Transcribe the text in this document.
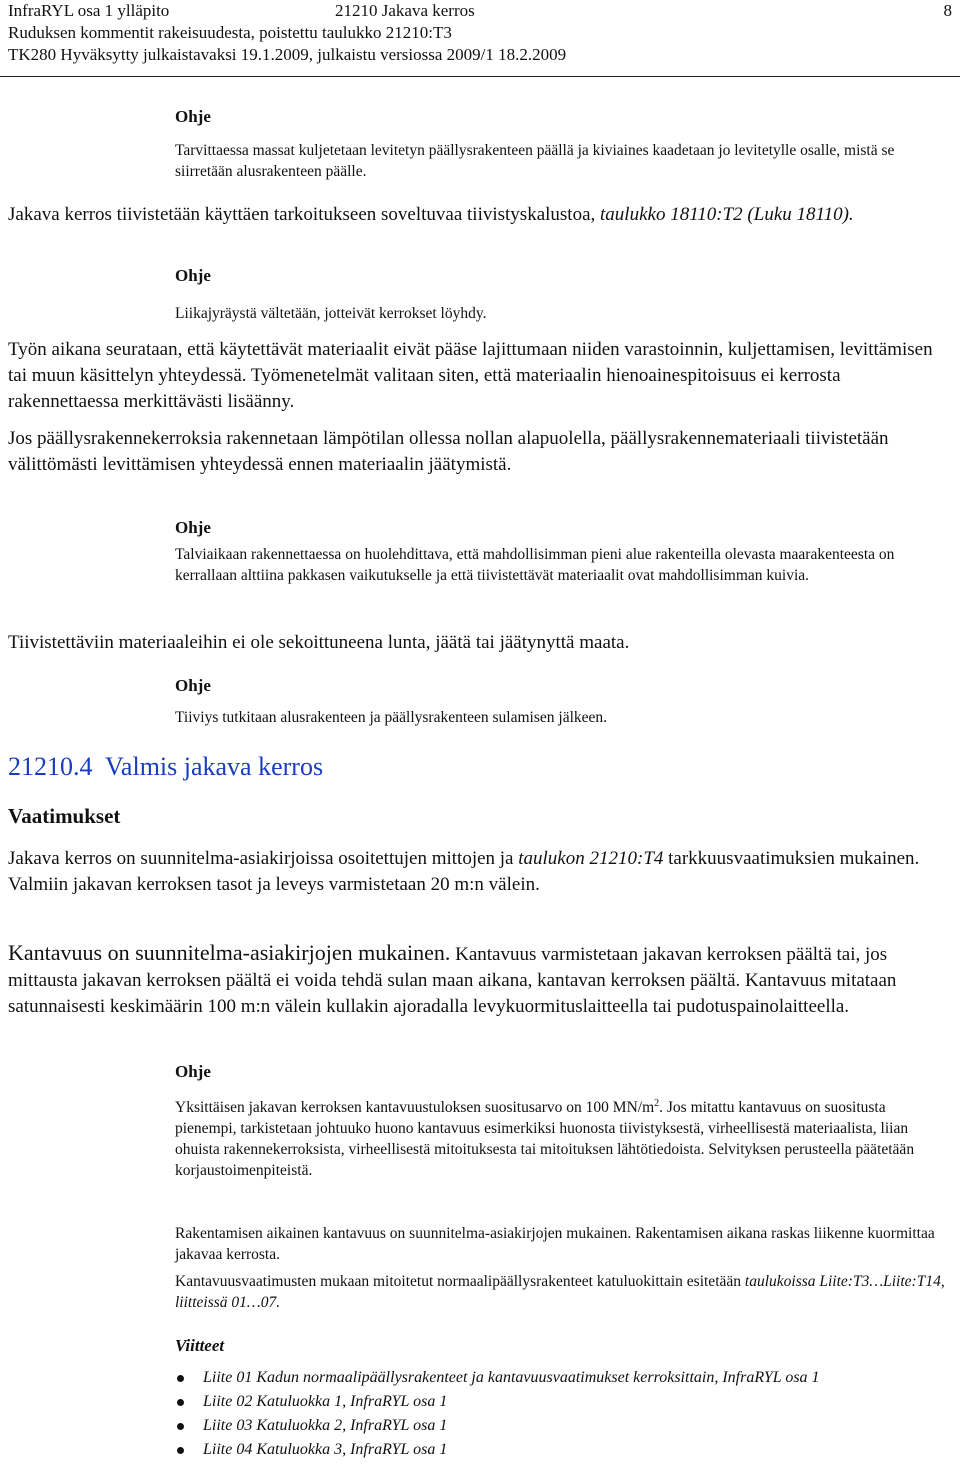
InfraRYL osa 1 ylläpito	21210 Jakava kerros	8
Ruduksen kommentit rakeisuudesta, poistettu taulukko 21210:T3
TK280 Hyväksytty julkaistavaksi 19.1.2009, julkaistu versiossa 2009/1 18.2.2009
Ohje

Tarvittaessa massat kuljetetaan levitetyn päällysrakenteen päällä ja kiviaines kaadetaan jo levitetylle osalle, mistä se siirretään alusrakenteen päälle.

Jakava kerros tiivistetään käyttäen tarkoitukseen soveltuvaa tiivistyskalustoa, taulukko 18110:T2 (Luku 18110).

Ohje

Liikajyräystä vältetään, jotteivät kerrokset löyhdy.

Työn aikana seurataan, että käytettävät materiaalit eivät pääse lajittumaan niiden varastoinnin, kuljettamisen, levittämisen tai muun käsittelyn yhteydessä. Työmenetelmät valitaan siten, että materiaalin hienoainespitoisuus ei kerrosta rakennettaessa merkittävästi lisäänny.

Jos päällysrakennekerroksia rakennetaan lämpötilan ollessa nollan alapuolella, päällysrakennemateriaali tiivistetään välittömästi levittämisen yhteydessä ennen materiaalin jäätymistä.

Ohje

Talviaikaan rakennettaessa on huolehdittava, että mahdollisimman pieni alue rakenteilla olevasta maarakenteesta on kerrallaan alttiina pakkasen vaikutukselle ja että tiivistettävät materiaalit ovat mahdollisimman kuivia.

Tiivistettäviin materiaaleihin ei ole sekoittuneena lunta, jäätä tai jäätynyttä maata.

Ohje

Tiiviys tutkitaan alusrakenteen ja päällysrakenteen sulamisen jälkeen.

21210.4 Valmis jakava kerros
Vaatimukset

Jakava kerros on suunnitelma-asiakirjoissa osoitettujen mittojen ja taulukon 21210:T4 tarkkuusvaatimuksien mukainen. Valmiin jakavan kerroksen tasot ja leveys varmistetaan 20 m:n välein.

Kantavuus on suunnitelma-asiakirjojen mukainen. Kantavuus varmistetaan jakavan kerroksen päältä tai, jos mittausta jakavan kerroksen päältä ei voida tehdä sulan maan aikana, kantavan kerroksen päältä. Kantavuus mitataan satunnaisesti keskimäärin 100 m:n välein kullakin ajoradalla levykuormituslaitteella tai pudotuspainolaitteella.

Ohje

Yksittäisen jakavan kerroksen kantavuustuloksen suositusarvo on 100 $MN/m^2$. Jos mitattu kantavuus on suositusta pienempi, tarkistetaan johtuuko huono kantavuus esimerkiksi huonosta tiivistyksestä, virheellisestä materiaalista, liian ohuista rakennekerroksista, virheellisestä mitoituksesta tai mitoituksen lähtötiedoista. Selvityksen perusteella päätetään korjaustoimenpiteistä.

Rakentamisen aikainen kantavuus on suunnitelma-asiakirjojen mukainen. Rakentamisen aikana raskas liikenne kuormittaa jakavaa kerrosta.

Kantavuusvaatimusten mukaan mitoitetut normaalipäällysrakenteet katuluokittain esitetään taulukoissa Liite:T3…Liite:T14, liitteissä 01…07.

Viitteet
Liite 01 Kadun normaalipäällysrakenteet ja kantavuusvaatimukset kerroksittain, InfraRYL osa 1
Liite 02 Katuluokka 1, InfraRYL osa 1
Liite 03 Katuluokka 2, InfraRYL osa 1
Liite 04 Katuluokka 3, InfraRYL osa 1
